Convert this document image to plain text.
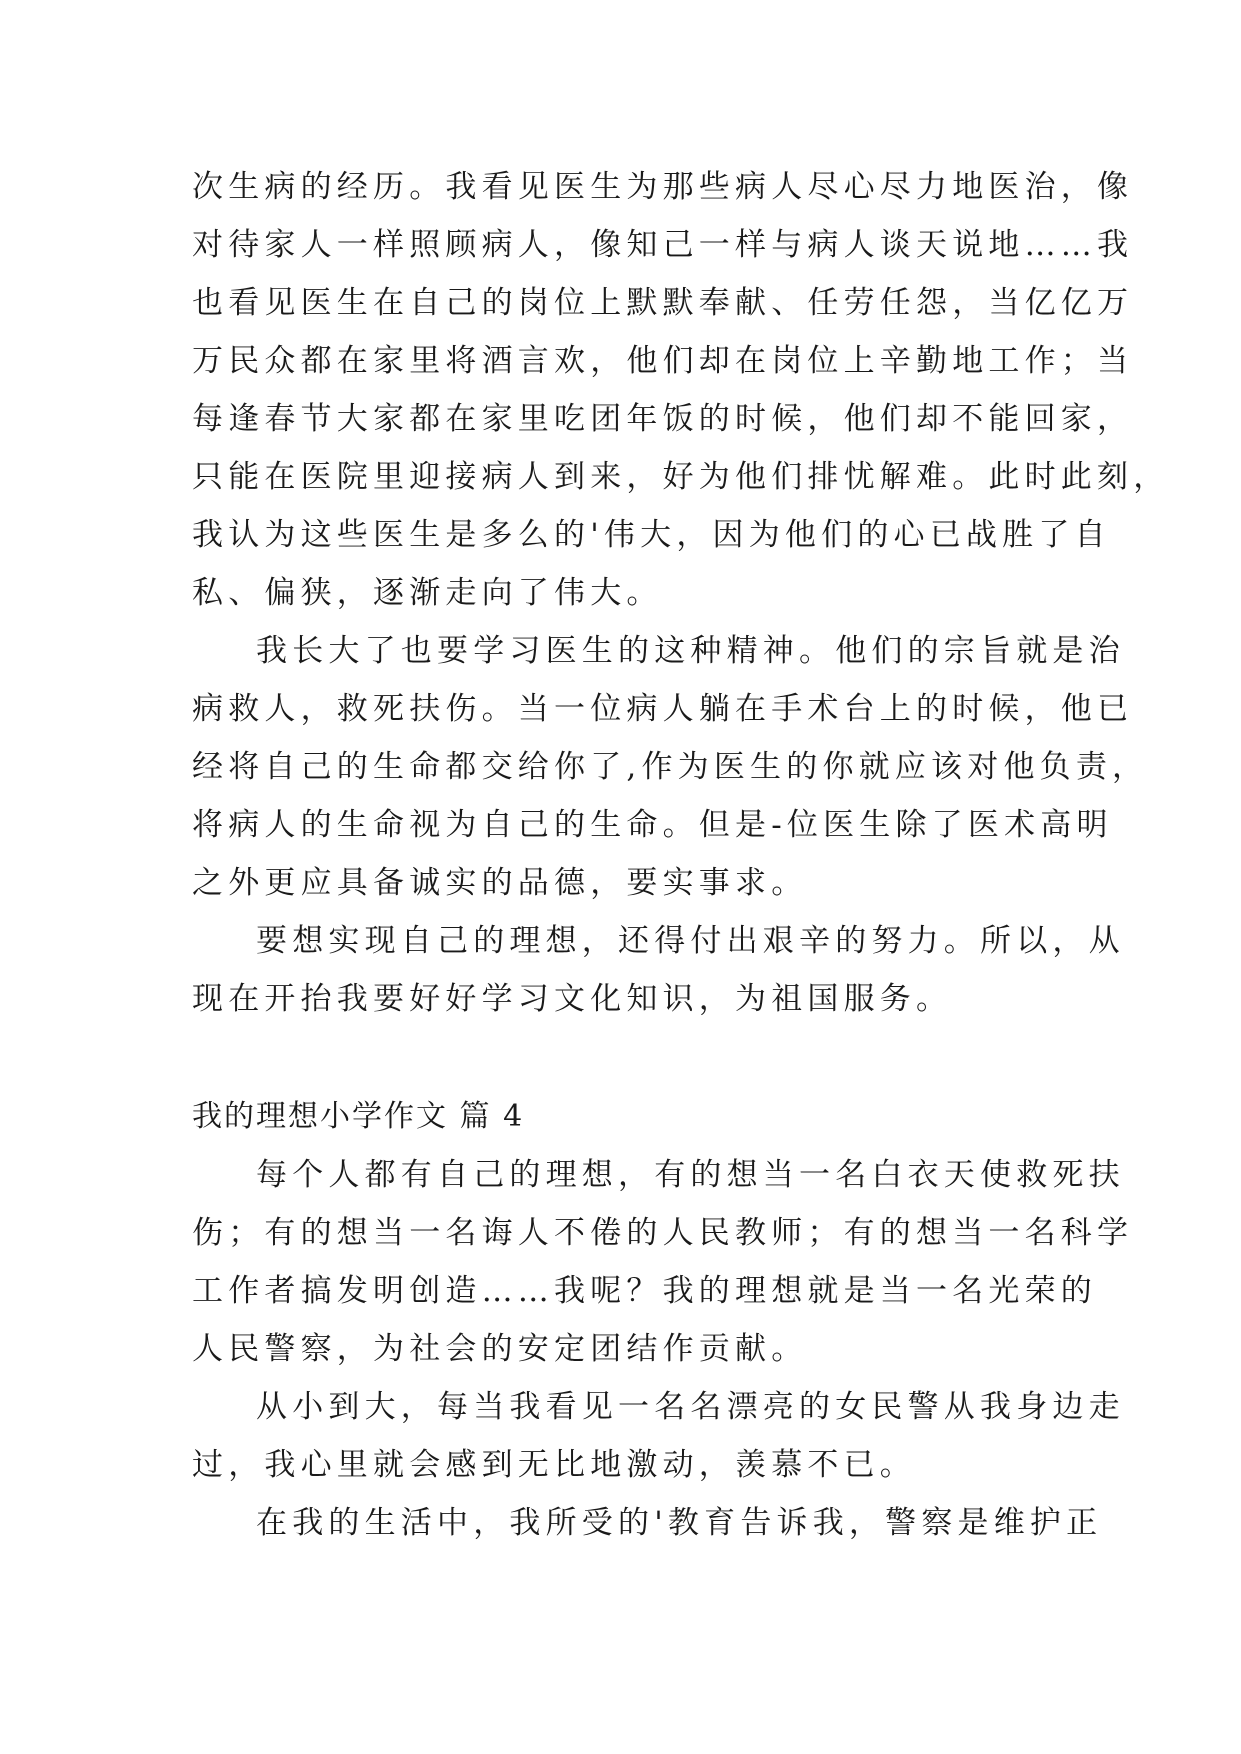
次生病的经历。我看见医生为那些病人尽心尽力地医治，像
对待家人一样照顾病人，像知己一样与病人谈天说地……我
也看见医生在自己的岗位上默默奉献、任劳任怨，当亿亿万
万民众都在家里将酒言欢，他们却在岗位上辛勤地工作；当
每逢春节大家都在家里吃团年饭的时候，他们却不能回家，
只能在医院里迎接病人到来，好为他们排忧解难。此时此刻，
我认为这些医生是多么的'伟大，因为他们的心已战胜了自
私、偏狭，逐渐走向了伟大。
我长大了也要学习医生的这种精神。他们的宗旨就是治
病救人，救死扶伤。当一位病人躺在手术台上的时候，他已
经将自己的生命都交给你了,作为医生的你就应该对他负责，
将病人的生命视为自己的生命。但是-位医生除了医术高明
之外更应具备诚实的品德，要实事求。
要想实现自己的理想，还得付出艰辛的努力。所以，从
现在开抬我要好好学习文化知识，为祖国服务。
我的理想小学作文 篇 4
每个人都有自己的理想，有的想当一名白衣天使救死扶
伤；有的想当一名诲人不倦的人民教师；有的想当一名科学
工作者搞发明创造……我呢？我的理想就是当一名光荣的
人民警察，为社会的安定团结作贡献。
从小到大，每当我看见一名名漂亮的女民警从我身边走
过，我心里就会感到无比地激动，羡慕不已。
在我的生活中，我所受的'教育告诉我，警察是维护正
